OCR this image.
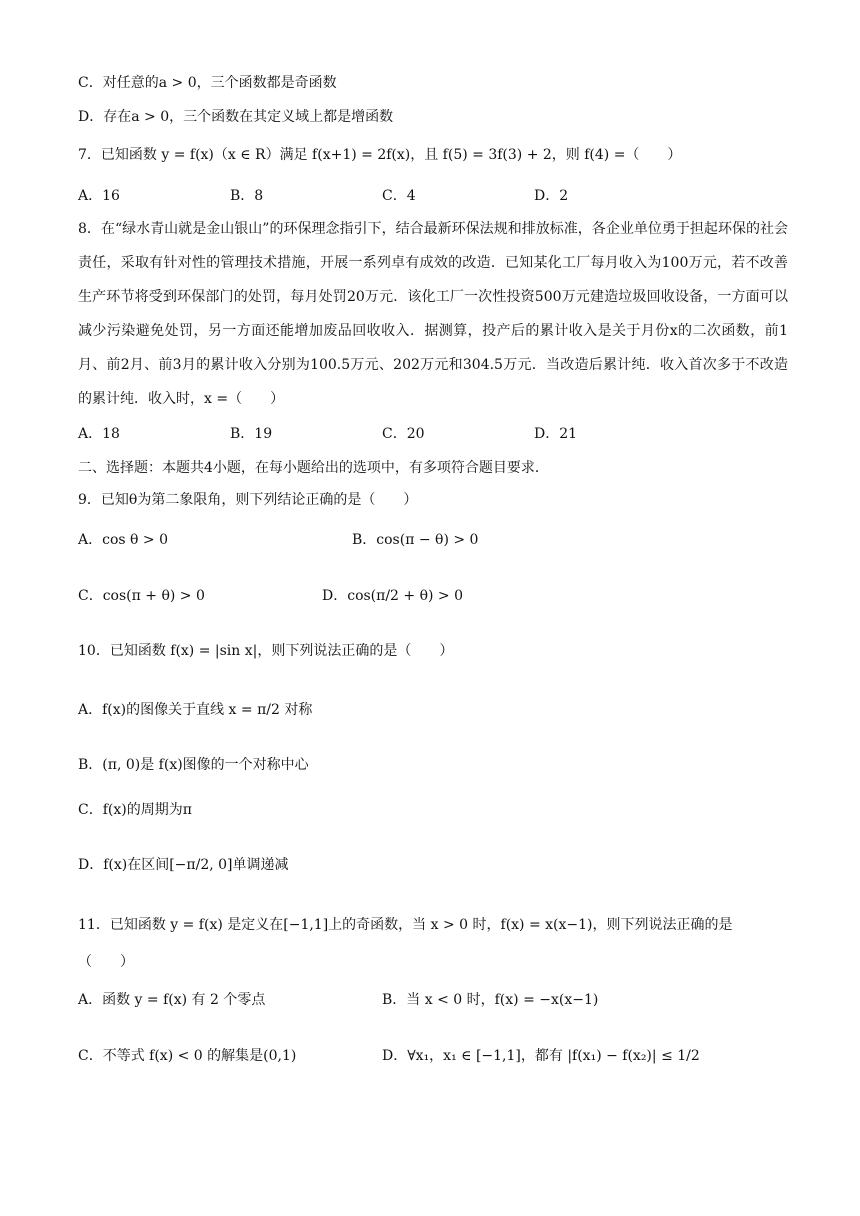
C．对任意的a > 0，三个函数都是奇函数
D．存在a > 0，三个函数在其定义域上都是增函数
7．已知函数 y = f(x)（x ∈ R）满足 f(x+1) = 2f(x)，且 f(5) = 3f(3) + 2，则 f(4) =（　　）
A．16	B．8	C．4	D．2
8．在“绿水青山就是金山银山”的环保理念指引下，结合最新环保法规和排放标准，各企业单位勇于担起环保的社会责任，采取有针对性的管理技术措施，开展一系列卓有成效的改造．已知某化工厂每月收入为100万元，若不改善生产环节将受到环保部门的处罚，每月处罚20万元．该化工厂一次性投资500万元建造垃圾回收设备，一方面可以减少污染避免处罚，另一方面还能增加废品回收收入．据测算，投产后的累计收入是关于月份x的二次函数，前1月、前2月、前3月的累计收入分别为100.5万元、202万元和304.5万元．当改造后累计纯．收入首次多于不改造的累计纯．收入时，x =（　　）
A．18	B．19	C．20	D．21
二、选择题：本题共4小题，在每小题给出的选项中，有多项符合题目要求．
9．已知θ为第二象限角，则下列结论正确的是（　　）
A．cos θ > 0	B．cos(π − θ) > 0
C．cos(π + θ) > 0	D．cos(π/2 + θ) > 0
10．已知函数 f(x) = |sin x|，则下列说法正确的是（　　）
A．f(x)的图像关于直线 x = π/2 对称
B．(π, 0)是 f(x)图像的一个对称中心
C．f(x)的周期为π
D．f(x)在区间[−π/2, 0]单调递减
11．已知函数 y = f(x) 是定义在[−1,1]上的奇函数，当 x > 0 时，f(x) = x(x−1)，则下列说法正确的是
（　　）
A．函数 y = f(x) 有 2 个零点	B．当 x < 0 时，f(x) = −x(x−1)
C．不等式 f(x) < 0 的解集是(0,1)	D．∀x₁，x₁ ∈ [−1,1]，都有 |f(x₁) − f(x₂)| ≤ 1/2
